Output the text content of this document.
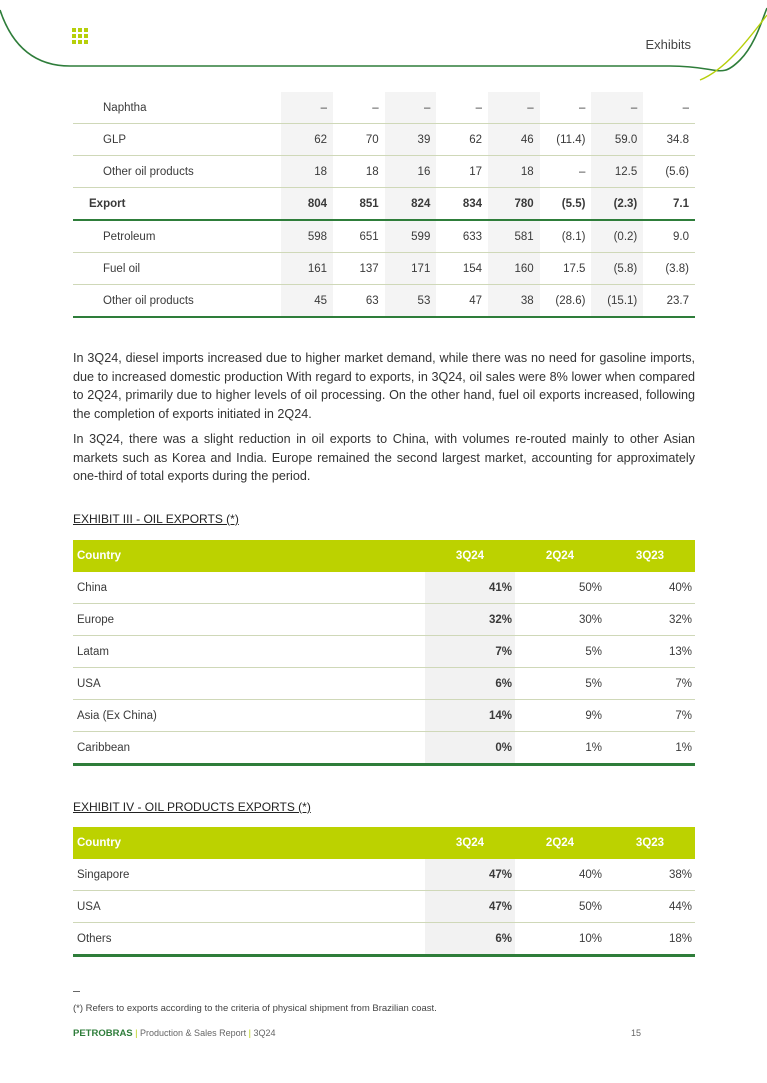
Exhibits
Naphtha	–	–	–	–	–	–	–	–
GLP	62	70	39	62	46	(11.4)	59.0	34.8
Other oil products	18	18	16	17	18	–	12.5	(5.6)
Export	804	851	824	834	780	(5.5)	(2.3)	7.1
Petroleum	598	651	599	633	581	(8.1)	(0.2)	9.0
Fuel oil	161	137	171	154	160	17.5	(5.8)	(3.8)
Other oil products	45	63	53	47	38	(28.6)	(15.1)	23.7
In 3Q24, diesel imports increased due to higher market demand, while there was no need for gasoline imports, due to increased domestic production With regard to exports, in 3Q24, oil sales were 8% lower when compared to 2Q24, primarily due to higher levels of oil processing. On the other hand, fuel oil exports increased, following the completion of exports initiated in 2Q24.
In 3Q24, there was a slight reduction in oil exports to China, with volumes re-routed mainly to other Asian markets such as Korea and India. Europe remained the second largest market, accounting for approximately one-third of total exports during the period.
EXHIBIT III - OIL EXPORTS (*)
Country	3Q24	2Q24	3Q23
China	41%	50%	40%
Europe	32%	30%	32%
Latam	7%	5%	13%
USA	6%	5%	7%
Asia (Ex China)	14%	9%	7%
Caribbean	0%	1%	1%
EXHIBIT IV - OIL PRODUCTS EXPORTS (*)
Country	3Q24	2Q24	3Q23
Singapore	47%	40%	38%
USA	47%	50%	44%
Others	6%	10%	18%
(*) Refers to exports according to the criteria of physical shipment from Brazilian coast.
PETROBRAS | Production & Sales Report | 3Q24	15
